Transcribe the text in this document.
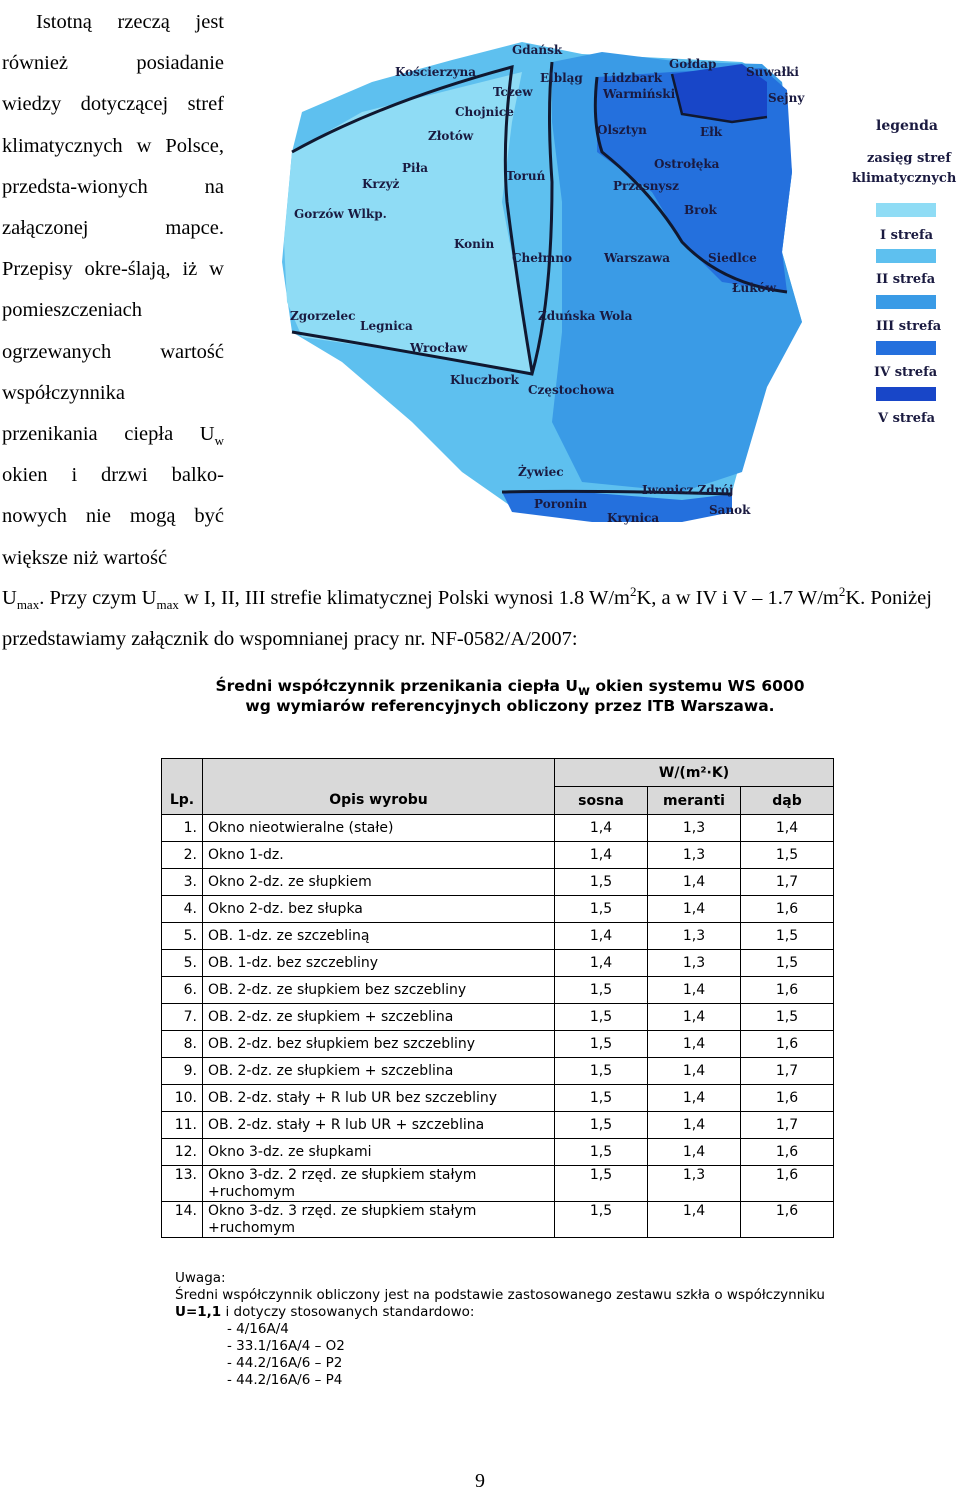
Istotną rzeczą jest również posiadanie wiedzy dotyczącej stref klimatycznych w Polsce, przedsta-wionych na załączonej mapce. Przepisy okre-ślają, iż w pomieszczeniach ogrzewanych wartość współczynnika przenikania ciepła $U_w$ okien i drzwi balko-nowych nie mogą być większe niż wartość

Gdańsk
Kościerzyna
Tczew
Elbląg
Gołdap
Suwałki
Lidzbark
Warmiński	Sejny
Chojnice
Złotów	Olsztyn	Ełk
Piła
Krzyż
Toruń
Ostrołęka
Przasnysz
Gorzów Wlkp.	Brok
Konin
Chełmno	Warszawa	Siedlce
Łuków
Zgorzelec
Legnica
Zduńska Wola
Wrocław
Kluczbork
Częstochowa
Żywiec
Iwonicz Zdrój
Poronin	Sanok
Krynica
legenda
zasięg stref
klimatycznych
I strefa
II strefa
III strefa
IV strefa
V strefa

$U_{max}$. Przy czym $U_{max}$ w I, II, III strefie klimatycznej Polski wynosi 1.8 $W/m^2K$, a w IV i V – 1.7 $W/m^2K$. Poniżej przedstawiamy załącznik do wspomnianej pracy nr. NF-0582/A/2007:

Średni współczynnik przenikania ciepła $U_w$ okien systemu WS 6000
wg wymiarów referencyjnych obliczony przez ITB Warszawa.
		W/(m²·K)		
Lp.	Opis wyrobu	sosna	meranti	dąb
1.	Okno nieotwieralne (stałe)	1,4	1,3	1,4
2.	Okno 1-dz.	1,4	1,3	1,5
3.	Okno 2-dz. ze słupkiem	1,5	1,4	1,7
4.	Okno 2-dz. bez słupka	1,5	1,4	1,6
5.	OB. 1-dz. ze szczebliną	1,4	1,3	1,5
5.	OB. 1-dz. bez szczebliny	1,4	1,3	1,5
6.	OB. 2-dz. ze słupkiem bez szczebliny	1,5	1,4	1,6
7.	OB. 2-dz. ze słupkiem + szczeblina	1,5	1,4	1,5
8.	OB. 2-dz. bez słupkiem bez szczebliny	1,5	1,4	1,6
9.	OB. 2-dz. ze słupkiem + szczeblina	1,5	1,4	1,7
10.	OB. 2-dz. stały + R lub UR bez szczebliny	1,5	1,4	1,6
11.	OB. 2-dz. stały + R lub UR + szczeblina	1,5	1,4	1,7
12.	Okno 3-dz. ze słupkami	1,5	1,4	1,6
13.	Okno 3-dz. 2 rzęd. ze słupkiem stałym
+ruchomym	1,5	1,3	1,6
14.	Okno 3-dz. 3 rzęd. ze słupkiem stałym
+ruchomym	1,5	1,4	1,6
Uwaga:
Średni współczynnik obliczony jest na podstawie zastosowanego zestawu szkła o współczynniku
U=1,1 i dotyczy stosowanych standardowo:
- 4/16A/4
- 33.1/16A/4 – O2
- 44.2/16A/6 – P2
- 44.2/16A/6 – P4
9
